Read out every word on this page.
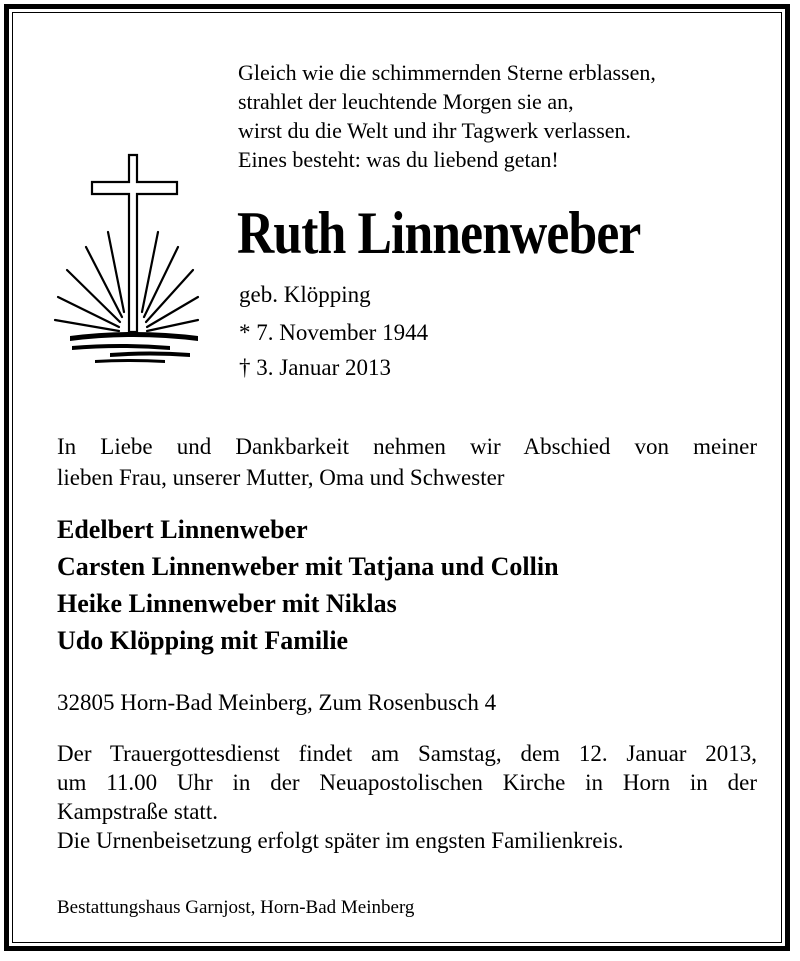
Gleich wie die schimmernden Sterne erblassen,
strahlet der leuchtende Morgen sie an,
wirst du die Welt und ihr Tagwerk verlassen.
Eines besteht: was du liebend getan!
Ruth Linnenweber
geb. Klöpping
* 7. November 1944
† 3. Januar 2013
In Liebe und Dankbarkeit nehmen wir Abschied von meiner
lieben Frau, unserer Mutter, Oma und Schwester
Edelbert Linnenweber
Carsten Linnenweber mit Tatjana und Collin
Heike Linnenweber mit Niklas
Udo Klöpping mit Familie
32805 Horn-Bad Meinberg, Zum Rosenbusch 4
Der Trauergottesdienst findet am Samstag, dem 12. Januar 2013,
um 11.00 Uhr in der Neuapostolischen Kirche in Horn in der
Kampstraße statt.
Die Urnenbeisetzung erfolgt später im engsten Familienkreis.
Bestattungshaus Garnjost, Horn-Bad Meinberg
